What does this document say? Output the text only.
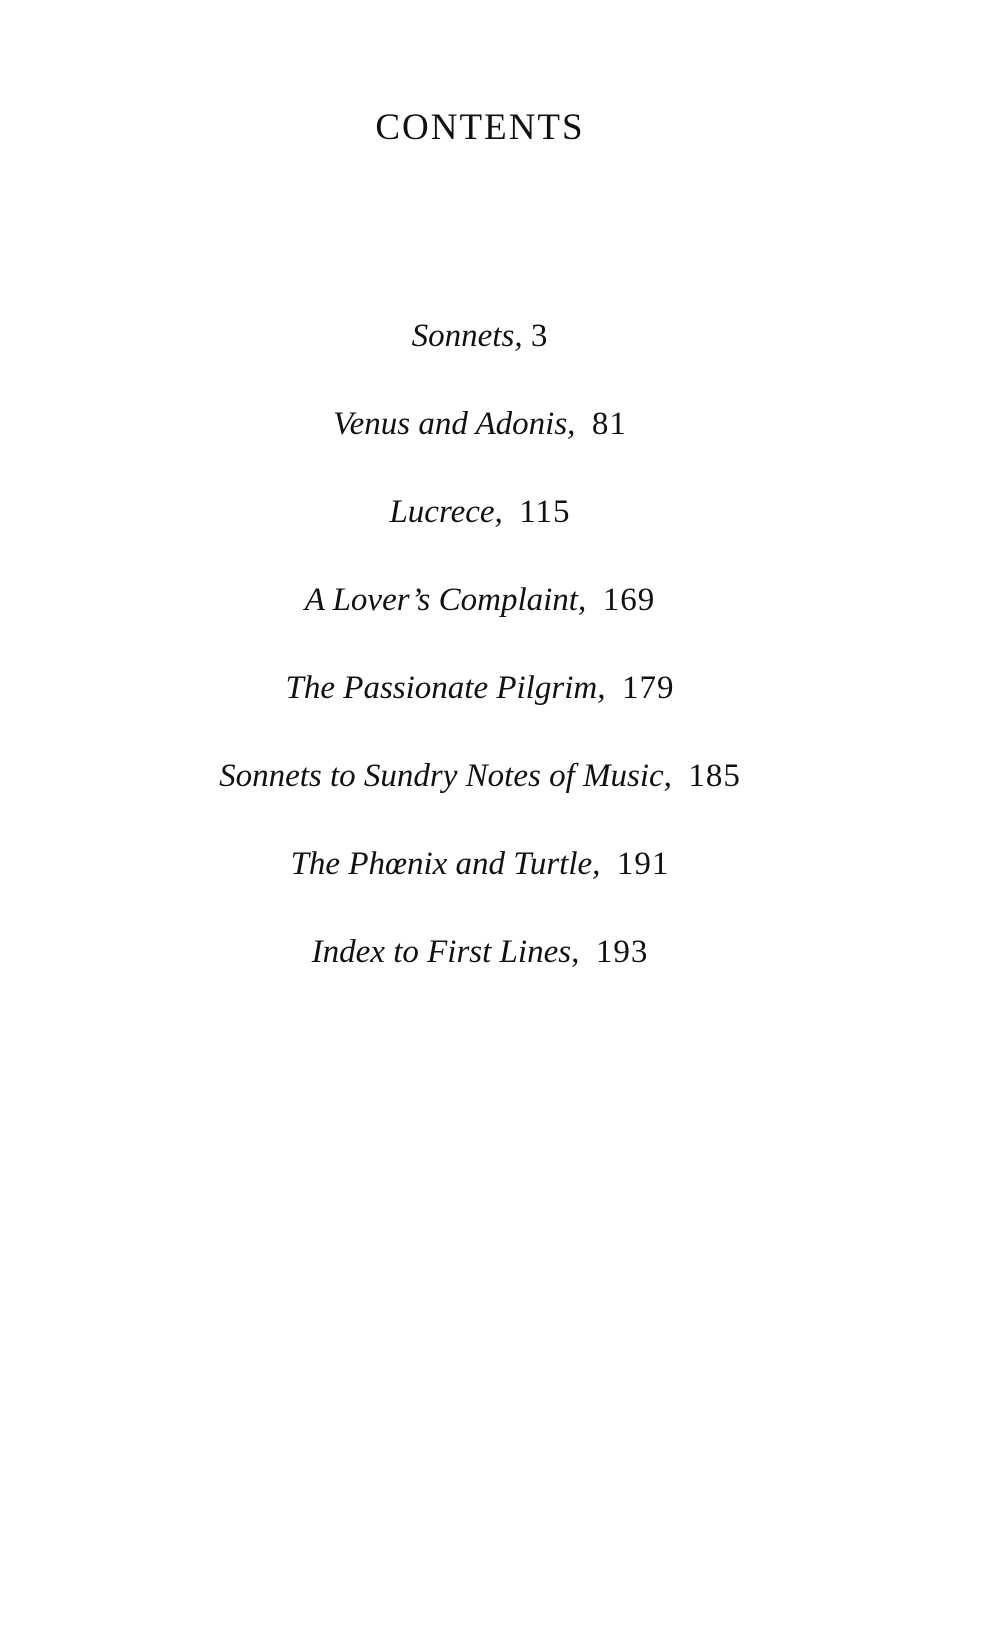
CONTENTS
Sonnets, 3
Venus and Adonis, 81
Lucrece, 115
A Lover’s Complaint, 169
The Passionate Pilgrim, 179
Sonnets to Sundry Notes of Music, 185
The Phœnix and Turtle, 191
Index to First Lines, 193
